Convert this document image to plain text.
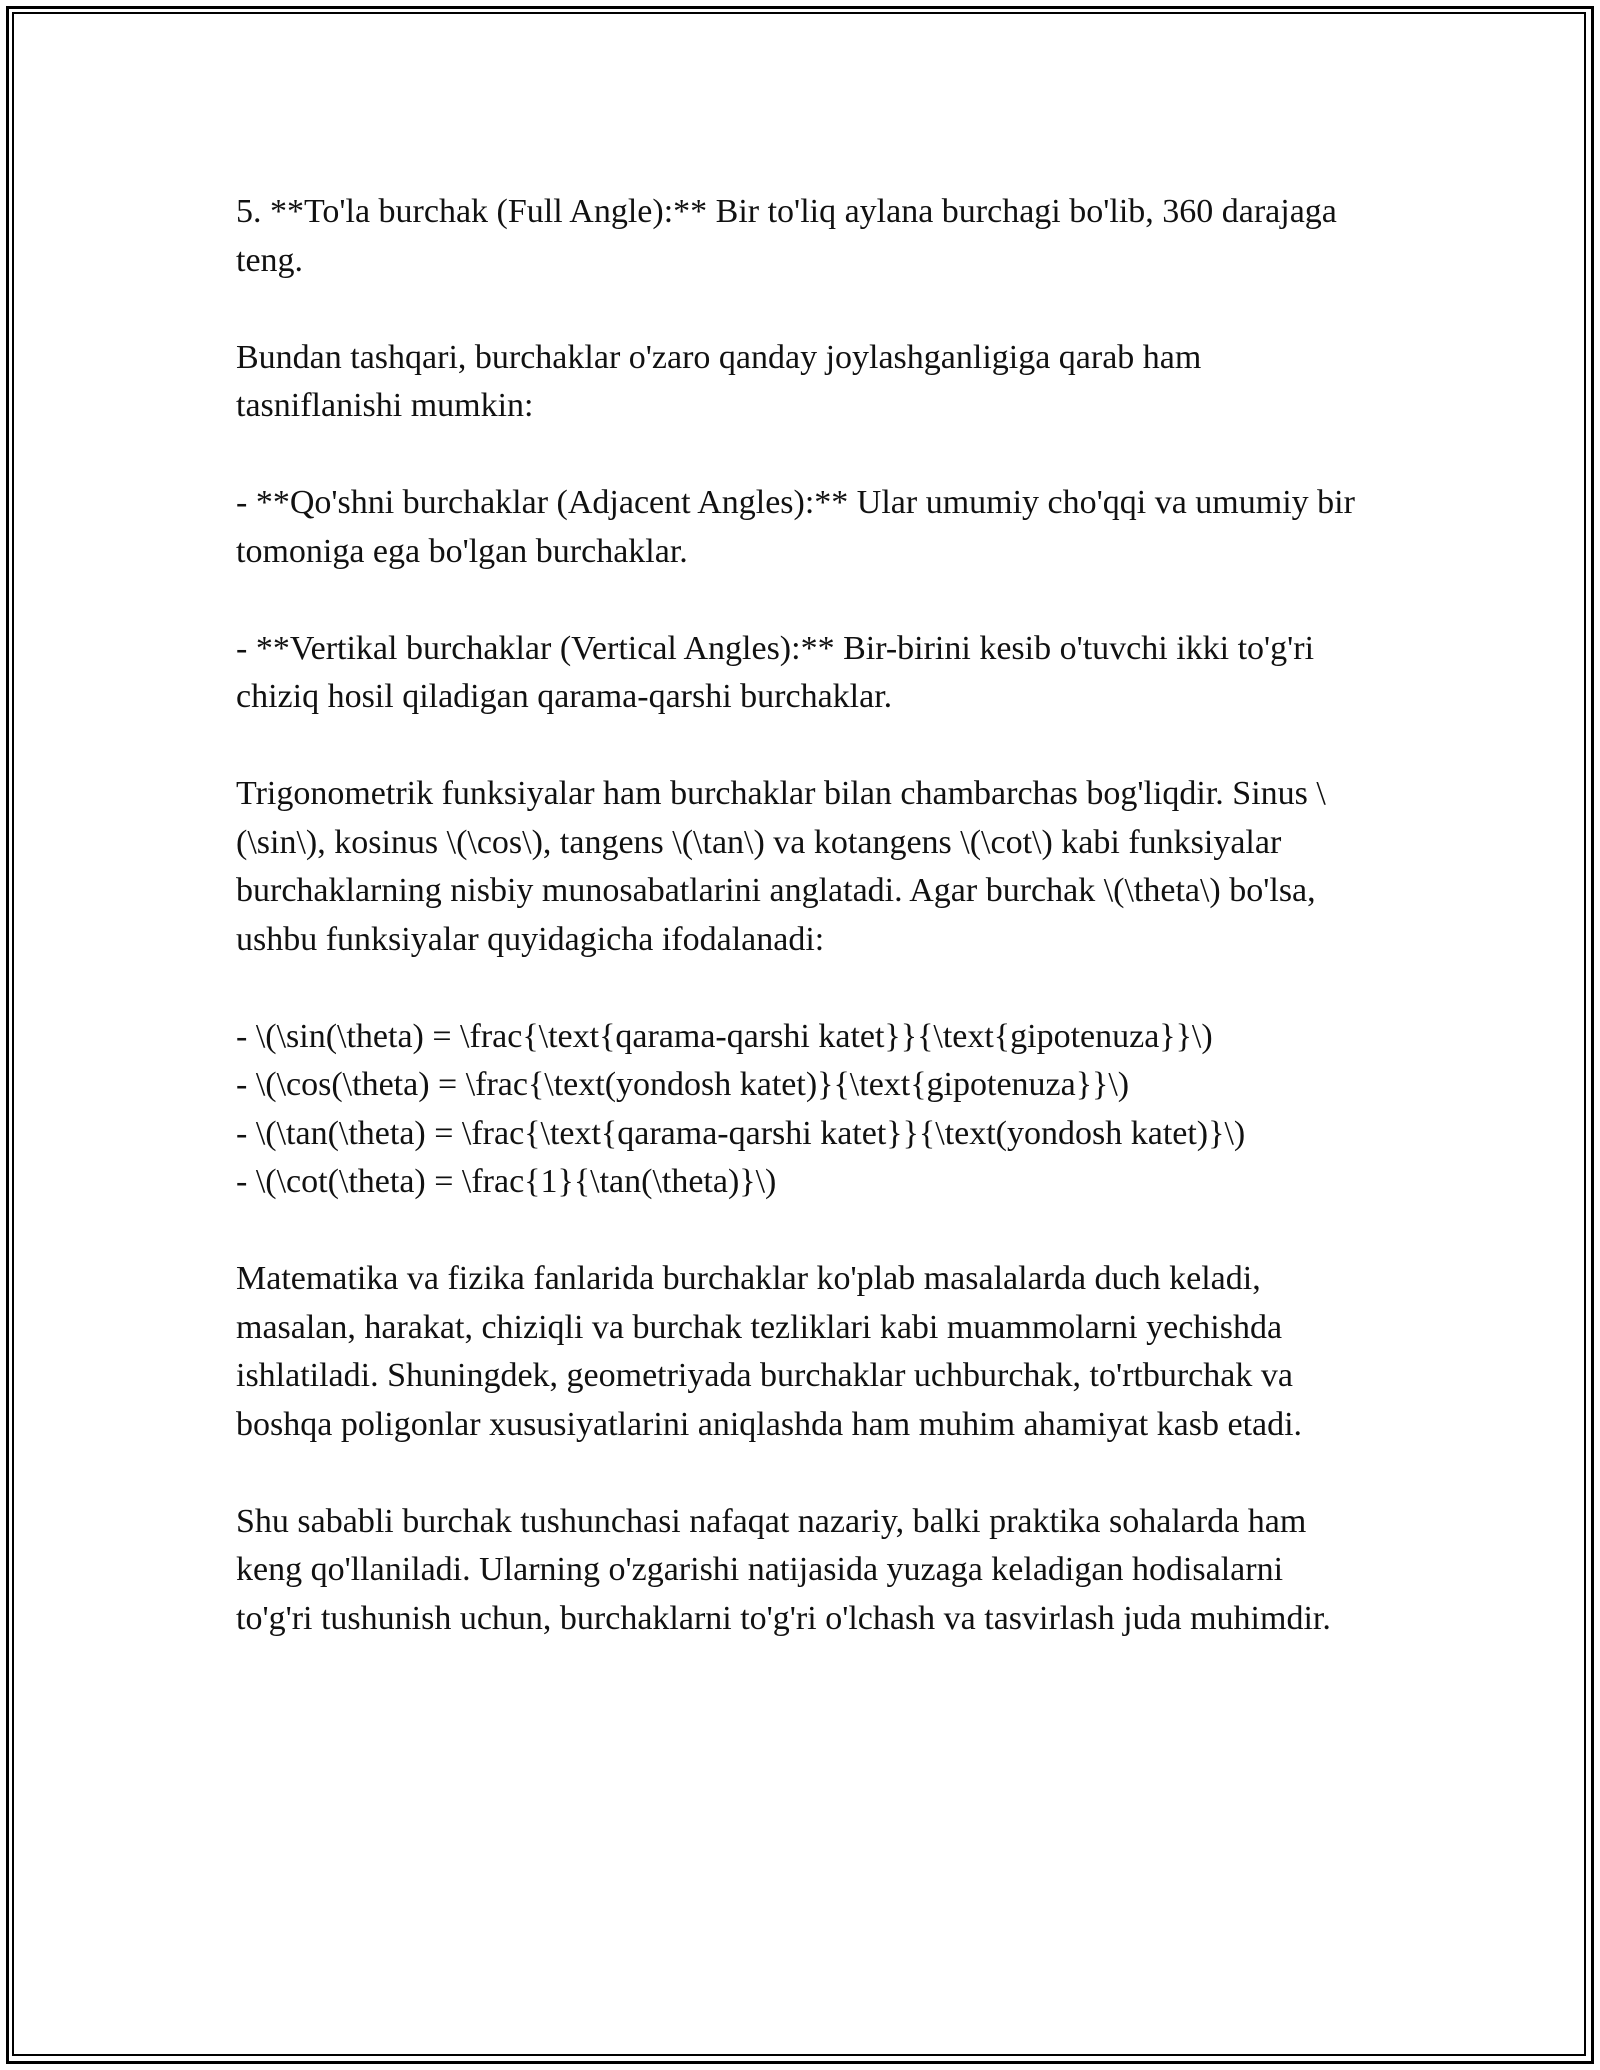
5. **To'la burchak (Full Angle):** Bir to'liq aylana burchagi bo'lib, 360 darajaga teng.

Bundan tashqari, burchaklar o'zaro qanday joylashganligiga qarab ham tasniflanishi mumkin:

- **Qo'shni burchaklar (Adjacent Angles):** Ular umumiy cho'qqi va umumiy bir tomoniga ega bo'lgan burchaklar.

- **Vertikal burchaklar (Vertical Angles):** Bir-birini kesib o'tuvchi ikki to'g'ri chiziq hosil qiladigan qarama-qarshi burchaklar.

Trigonometrik funksiyalar ham burchaklar bilan chambarchas bog'liqdir. Sinus \(\sin\), kosinus \(\cos\), tangens \(\tan\) va kotangens \(\cot\) kabi funksiyalar burchaklarning nisbiy munosabatlarini anglatadi. Agar burchak \(\theta\) bo'lsa, ushbu funksiyalar quyidagicha ifodalanadi:

- \(\sin(\theta) = \frac{\text{qarama-qarshi katet}}{\text{gipotenuza}}\)

- \(\cos(\theta) = \frac{\text(yondosh katet)}{\text{gipotenuza}}\)

- \(\tan(\theta) = \frac{\text{qarama-qarshi katet}}{\text(yondosh katet)}\)

- \(\cot(\theta) = \frac{1}{\tan(\theta)}\)

Matematika va fizika fanlarida burchaklar ko'plab masalalarda duch keladi, masalan, harakat, chiziqli va burchak tezliklari kabi muammolarni yechishda ishlatiladi. Shuningdek, geometriyada burchaklar uchburchak, to'rtburchak va boshqa poligonlar xususiyatlarini aniqlashda ham muhim ahamiyat kasb etadi.

Shu sababli burchak tushunchasi nafaqat nazariy, balki praktika sohalarda ham keng qo'llaniladi. Ularning o'zgarishi natijasida yuzaga keladigan hodisalarni to'g'ri tushunish uchun, burchaklarni to'g'ri o'lchash va tasvirlash juda muhimdir.
